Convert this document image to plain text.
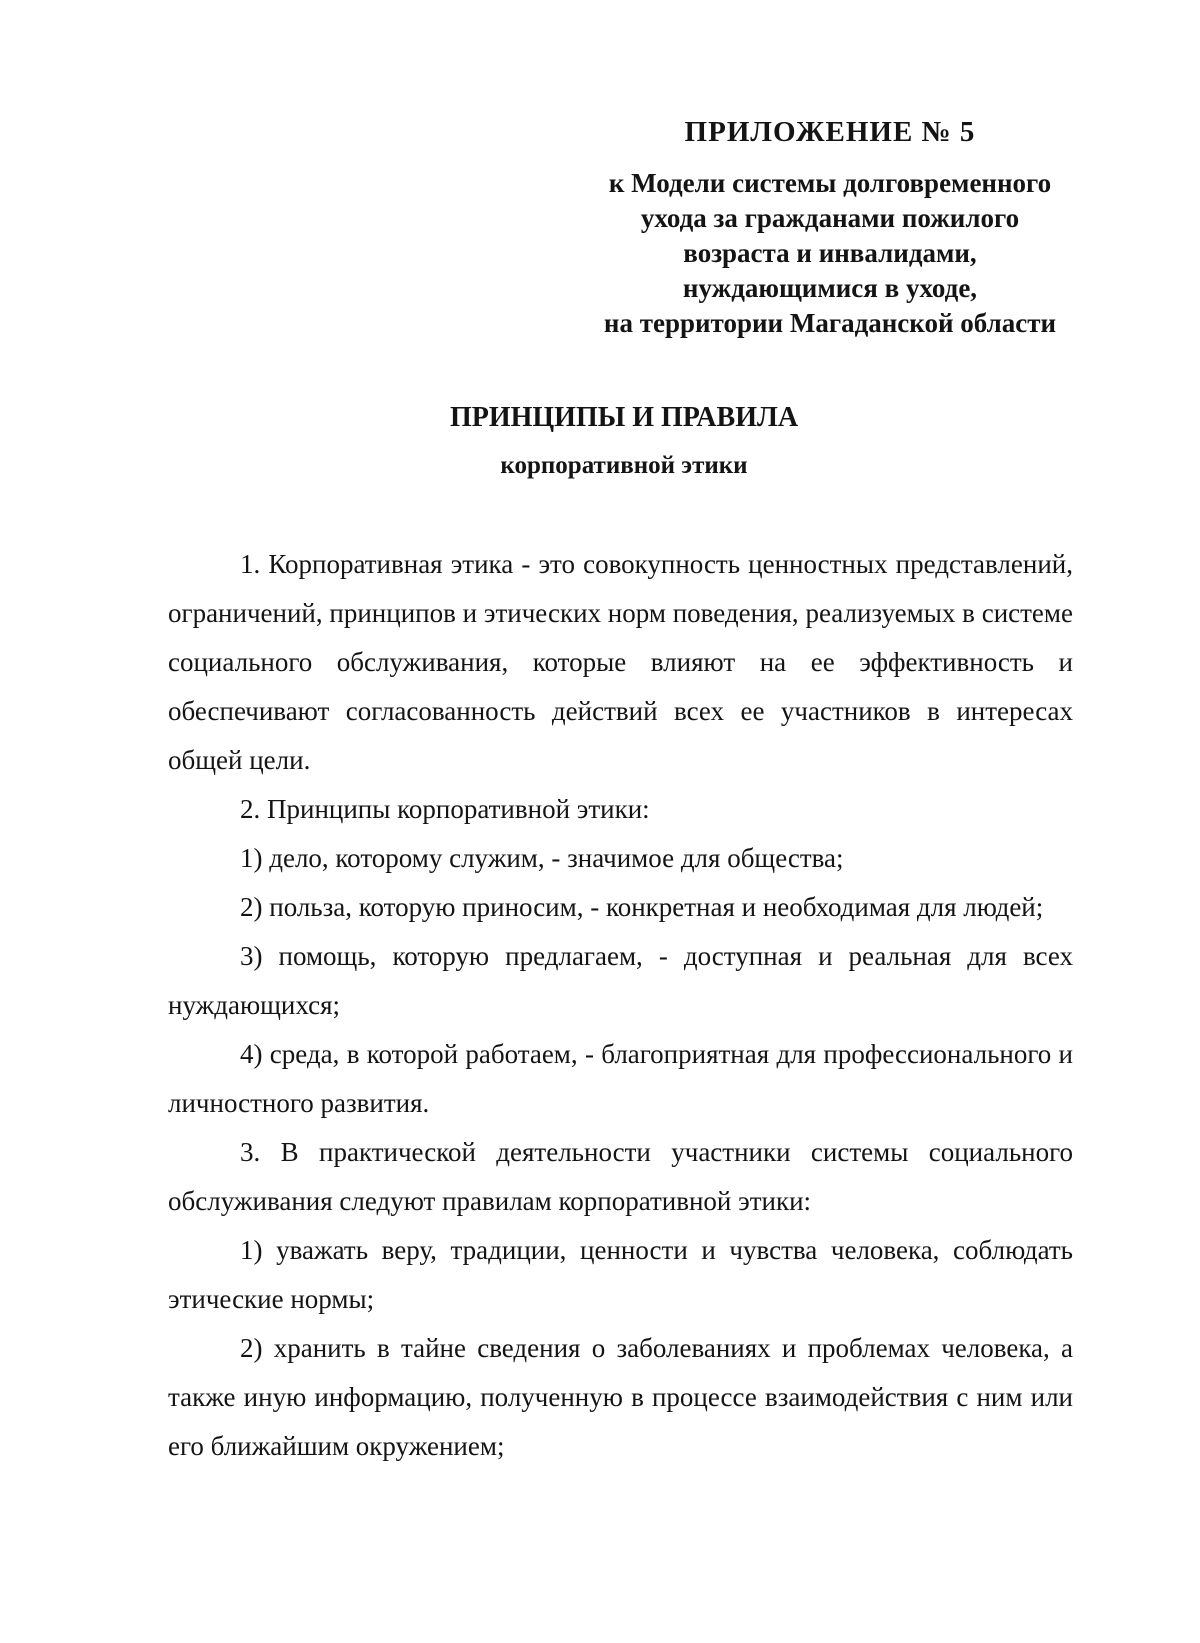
ПРИЛОЖЕНИЕ № 5
к Модели системы долговременного
ухода за гражданами пожилого
возраста и инвалидами,
нуждающимися в уходе,
на территории Магаданской области
ПРИНЦИПЫ И ПРАВИЛА
корпоративной этики

1. Корпоративная этика - это совокупность ценностных представлений, ограничений, принципов и этических норм поведения, реализуемых в системе социального обслуживания, которые влияют на ее эффективность и обеспечивают согласованность действий всех ее участников в интересах общей цели.

2. Принципы корпоративной этики:

1) дело, которому служим, - значимое для общества;

2) польза, которую приносим, - конкретная и необходимая для людей;

3) помощь, которую предлагаем, - доступная и реальная для всех нуждающихся;

4) среда, в которой работаем, - благоприятная для профессионального и личностного развития.

3. В практической деятельности участники системы социального обслуживания следуют правилам корпоративной этики:

1) уважать веру, традиции, ценности и чувства человека, соблюдать этические нормы;

2) хранить в тайне сведения о заболеваниях и проблемах человека, а также иную информацию, полученную в процессе взаимодействия с ним или его ближайшим окружением;
